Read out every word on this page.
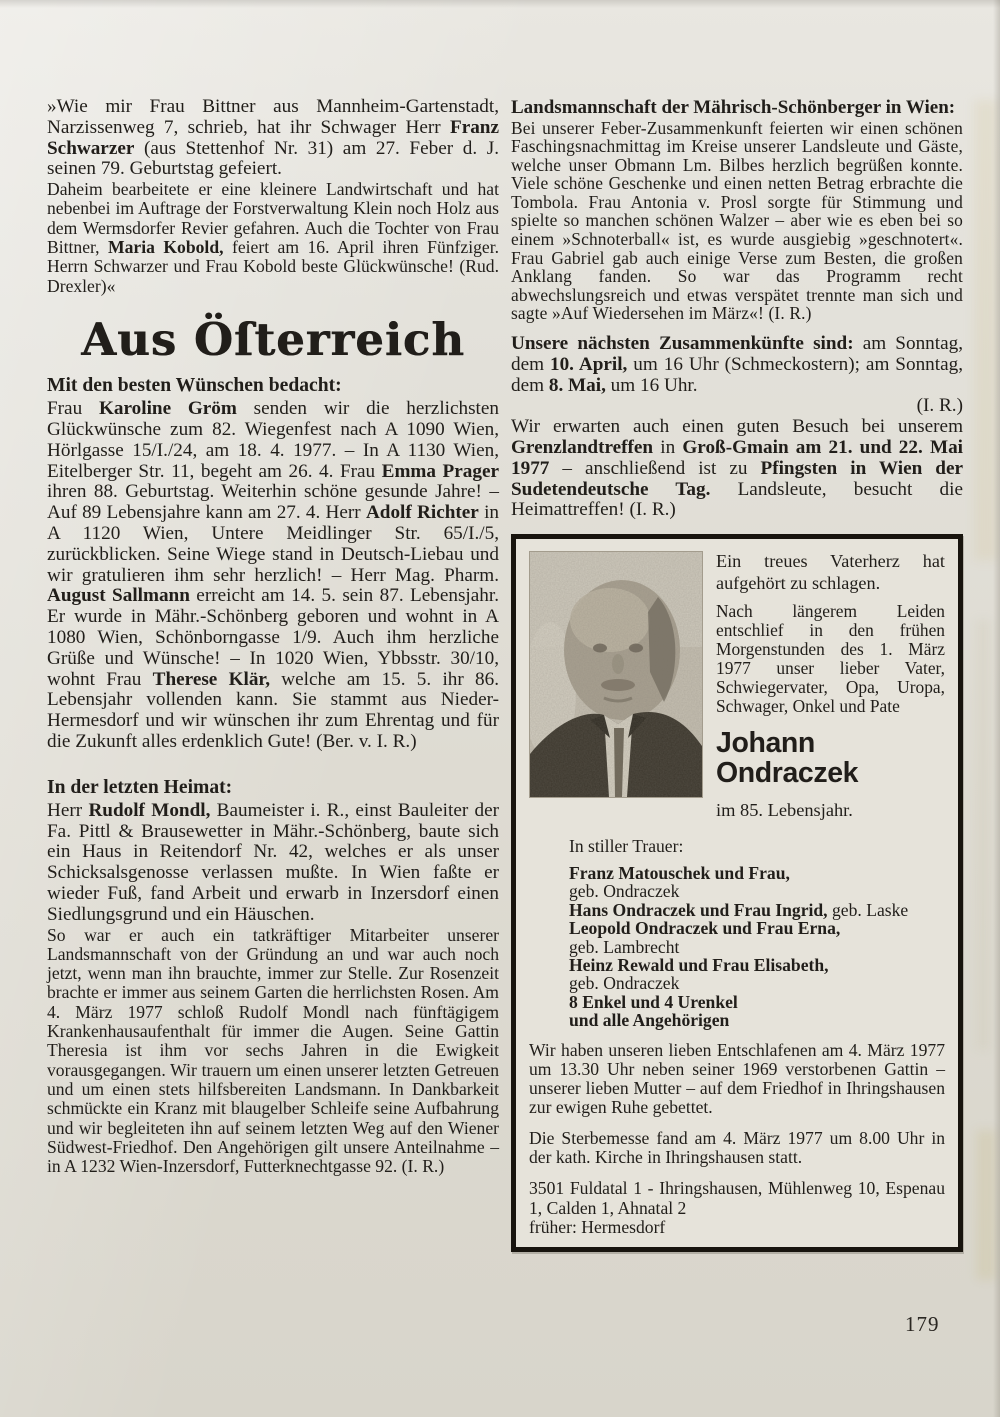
»Wie mir Frau Bittner aus Mannheim-Gartenstadt, Narzissenweg 7, schrieb, hat ihr Schwager Herr Franz Schwarzer (aus Stettenhof Nr. 31) am 27. Feber d. J. seinen 79. Geburtstag gefeiert.

Daheim bearbeitete er eine kleinere Landwirtschaft und hat nebenbei im Auftrage der Forstverwaltung Klein noch Holz aus dem Wermsdorfer Revier gefahren. Auch die Tochter von Frau Bittner, Maria Kobold, feiert am 16. April ihren Fünfziger. Herrn Schwarzer und Frau Kobold beste Glückwünsche! (Rud. Drexler)«

Aus Öſterreich

Mit den besten Wünschen bedacht:

Frau Karoline Gröm senden wir die herzlichsten Glückwünsche zum 82. Wiegenfest nach A 1090 Wien, Hörlgasse 15/I./24, am 18. 4. 1977. – In A 1130 Wien, Eitelberger Str. 11, begeht am 26. 4. Frau Emma Prager ihren 88. Geburtstag. Weiterhin schöne gesunde Jahre! – Auf 89 Lebensjahre kann am 27. 4. Herr Adolf Richter in A 1120 Wien, Untere Meidlinger Str. 65/I./5, zurückblicken. Seine Wiege stand in Deutsch-Liebau und wir gratulieren ihm sehr herzlich! – Herr Mag. Pharm. August Sallmann erreicht am 14. 5. sein 87. Lebensjahr. Er wurde in Mähr.-Schönberg geboren und wohnt in A 1080 Wien, Schönborngasse 1/9. Auch ihm herzliche Grüße und Wünsche! – In 1020 Wien, Ybbsstr. 30/10, wohnt Frau Therese Klär, welche am 15. 5. ihr 86. Lebensjahr vollenden kann. Sie stammt aus Nieder-Hermesdorf und wir wünschen ihr zum Ehrentag und für die Zukunft alles erdenklich Gute! (Ber. v. I. R.)

In der letzten Heimat:

Herr Rudolf Mondl, Baumeister i. R., einst Bauleiter der Fa. Pittl & Brausewetter in Mähr.-Schönberg, baute sich ein Haus in Reitendorf Nr. 42, welches er als unser Schicksalsgenosse verlassen mußte. In Wien faßte er wieder Fuß, fand Arbeit und erwarb in Inzersdorf einen Siedlungsgrund und ein Häuschen.

So war er auch ein tatkräftiger Mitarbeiter unserer Landsmannschaft von der Gründung an und war auch noch jetzt, wenn man ihn brauchte, immer zur Stelle. Zur Rosenzeit brachte er immer aus seinem Garten die herrlichsten Rosen. Am 4. März 1977 schloß Rudolf Mondl nach fünftägigem Krankenhausaufenthalt für immer die Augen. Seine Gattin Theresia ist ihm vor sechs Jahren in die Ewigkeit vorausgegangen. Wir trauern um einen unserer letzten Getreuen und um einen stets hilfsbereiten Landsmann. In Dankbarkeit schmückte ein Kranz mit blaugelber Schleife seine Aufbahrung und wir begleiteten ihn auf seinem letzten Weg auf den Wiener Südwest-Friedhof. Den Angehörigen gilt unsere Anteilnahme – in A 1232 Wien-Inzersdorf, Futterknechtgasse 92. (I. R.)

Landsmannschaft der Mährisch-Schönberger in Wien:

Bei unserer Feber-Zusammenkunft feierten wir einen schönen Faschingsnachmittag im Kreise unserer Landsleute und Gäste, welche unser Obmann Lm. Bilbes herzlich begrüßen konnte. Viele schöne Geschenke und einen netten Betrag erbrachte die Tombola. Frau Antonia v. Prosl sorgte für Stimmung und spielte so manchen schönen Walzer – aber wie es eben bei so einem »Schnoterball« ist, es wurde ausgiebig »geschnotert«. Frau Gabriel gab auch einige Verse zum Besten, die großen Anklang fanden. So war das Programm recht abwechslungsreich und etwas verspätet trennte man sich und sagte »Auf Wiedersehen im März«! (I. R.)

Unsere nächsten Zusammenkünfte sind: am Sonntag, dem 10. April, um 16 Uhr (Schmeckostern); am Sonntag, dem 8. Mai, um 16 Uhr.

(I. R.)

Wir erwarten auch einen guten Besuch bei unserem Grenzlandtreffen in Groß-Gmain am 21. und 22. Mai 1977 – anschließend ist zu Pfingsten in Wien der Sudetendeutsche Tag. Landsleute, besucht die Heimattreffen! (I. R.)

Ein treues Vaterherz hat aufgehört zu schlagen.

Nach längerem Leiden entschlief in den frühen Morgenstunden des 1. März 1977 unser lieber Vater, Schwiegervater, Opa, Uropa, Schwager, Onkel und Pate

Johann Ondraczek
im 85. Lebensjahr.
In stiller Trauer:
Franz Matouschek und Frau,
geb. Ondraczek
Hans Ondraczek und Frau Ingrid, geb. Laske
Leopold Ondraczek und Frau Erna,
geb. Lambrecht
Heinz Rewald und Frau Elisabeth,
geb. Ondraczek
8 Enkel und 4 Urenkel
und alle Angehörigen

Wir haben unseren lieben Entschlafenen am 4. März 1977 um 13.30 Uhr neben seiner 1969 verstorbenen Gattin – unserer lieben Mutter – auf dem Friedhof in Ihringshausen zur ewigen Ruhe gebettet.

Die Sterbemesse fand am 4. März 1977 um 8.00 Uhr in der kath. Kirche in Ihringshausen statt.

3501 Fuldatal 1 - Ihringshausen, Mühlenweg 10, Espenau 1, Calden 1, Ahnatal 2

früher: Hermesdorf

179
